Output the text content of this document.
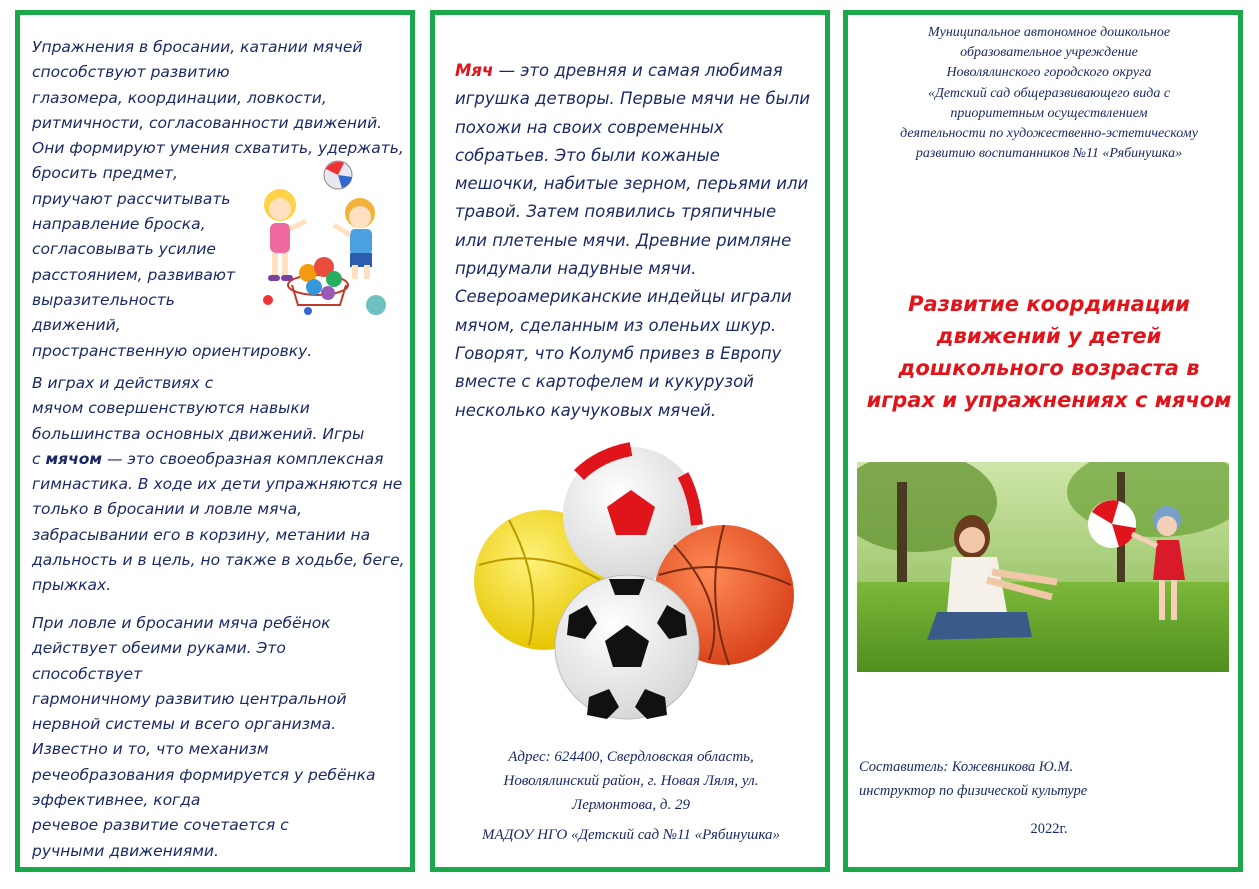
Упражнения в бросании, катании мячей
способствуют развитию
глазомера, координации, ловкости,
ритмичности, согласованности движений.
Они формируют умения схватить, удержать,
бросить предмет,
приучают рассчитывать
направление броска,
согласовывать усилие
расстоянием, развивают
выразительность
движений,
пространственную ориентировку.
В играх и действиях с
мячом совершенствуются навыки
большинства основных движений. Игры
с мячом — это своеобразная комплексная
гимнастика. В ходе их дети упражняются не
только в бросании и ловле мяча,
забрасывании его в корзину, метании на
дальность и в цель, но также в ходьбе, беге,
прыжках.
При ловле и бросании мяча ребёнок
действует обеими руками. Это
способствует
гармоничному развитию центральной
нервной системы и всего организма.
Известно и то, что механизм
речеобразования формируется у ребёнка
эффективнее, когда
речевое развитие сочетается с
ручными движениями.
Мяч — это древняя и самая любимая
игрушка детворы. Первые мячи не были
похожи на своих современных
собратьев. Это были кожаные
мешочки, набитые зерном, перьями или
травой. Затем появились тряпичные
или плетеные мячи. Древние римляне
придумали надувные мячи.
Североамериканские индейцы играли
мячом, сделанным из оленьих шкур.
Говорят, что Колумб привез в Европу
вместе с картофелем и кукурузой
несколько каучуковых мячей.
Адрес: 624400, Свердловская область,
Новолялинский район, г. Новая Ляля, ул.
Лермонтова, д. 29
МАДОУ НГО «Детский сад №11 «Рябинушка»
Муниципальное автономное дошкольное
образовательное учреждение
Новолялинского городского округа
«Детский сад общеразвивающего вида с
приоритетным осуществлением
деятельности по художественно-эстетическому
развитию воспитанников №11 «Рябинушка»
Развитие координации
движений у детей
дошкольного возраста в
играх и упражнениях с мячом
Составитель: Кожевникова Ю.М.
инструктор по физической культуре
2022г.
